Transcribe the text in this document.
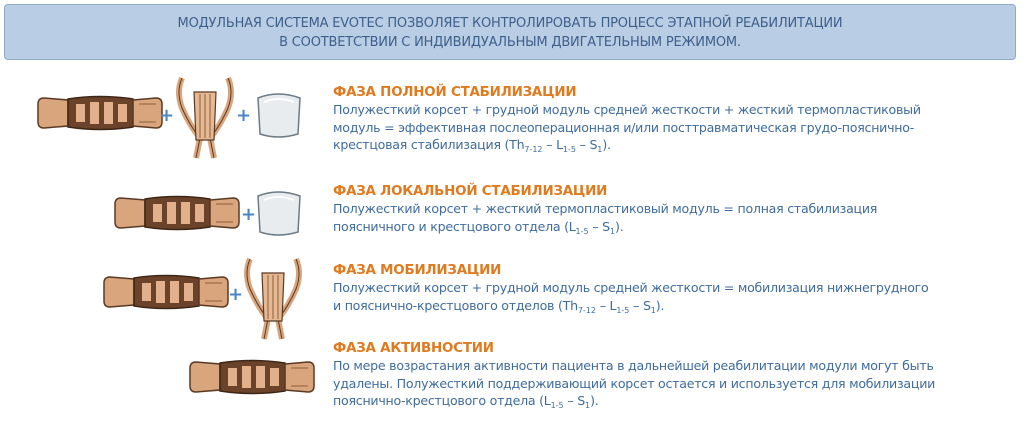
МОДУЛЬНАЯ СИСТЕМА EVOTEC ПОЗВОЛЯЕТ КОНТРОЛИРОВАТЬ ПРОЦЕСС ЭТАПНОЙ РЕАБИЛИТАЦИИ
В СООТВЕТСТВИИ С ИНДИВИДУАЛЬНЫМ ДВИГАТЕЛЬНЫМ РЕЖИМОМ.
+	+
+
+
ФАЗА ПОЛНОЙ СТАБИЛИЗАЦИИ
Полужесткий корсет + грудной модуль средней жесткости + жесткий термопластиковый
модуль = эффективная послеоперационная и/или посттравматическая грудо-пояснично-
крестцовая стабилизация $(Th_{7-12} - L_{1-5} - S_1)$.
ФАЗА ЛОКАЛЬНОЙ СТАБИЛИЗАЦИИ
Полужесткий корсет + жесткий термопластиковый модуль = полная стабилизация
поясничного и крестцового отдела $(L_{1-5} - S_1)$.
ФАЗА МОБИЛИЗАЦИИ
Полужесткий корсет + грудной модуль средней жесткости = мобилизация нижнегрудного
и пояснично-крестцового отделов $(Th_{7-12} - L_{1-5} - S_1)$.
ФАЗА АКТИВНОСТИИ
По мере возрастания активности пациента в дальнейшей реабилитации модули могут быть
удалены. Полужесткий поддерживающий корсет остается и используется для мобилизации
пояснично-крестцового отдела $(L_{1-5} - S_1)$.
